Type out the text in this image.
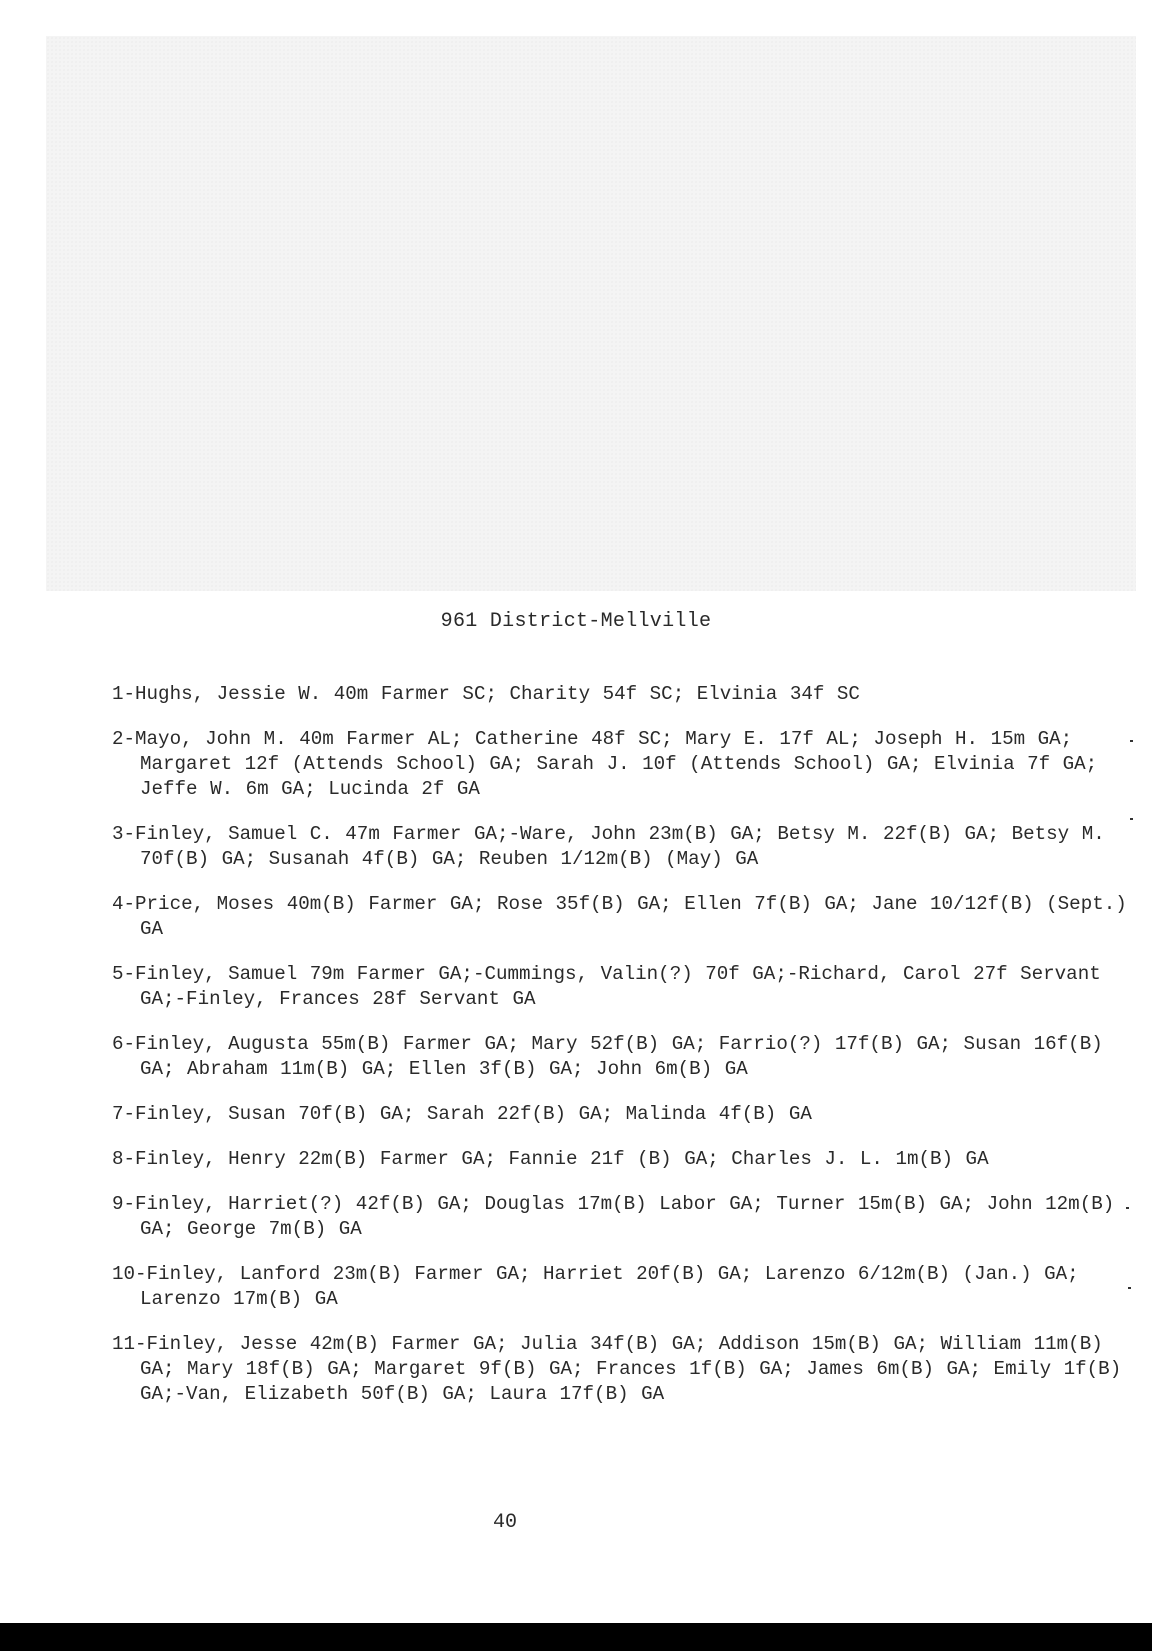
961 District-Mellville
1-Hughs, Jessie W. 40m Farmer SC; Charity 54f SC; Elvinia 34f SC
2-Mayo, John M. 40m Farmer AL; Catherine 48f SC; Mary E. 17f AL; Joseph H. 15m GA; Margaret 12f (Attends School) GA; Sarah J. 10f (Attends School) GA; Elvinia 7f GA; Jeffe W. 6m GA; Lucinda 2f GA
3-Finley, Samuel C. 47m Farmer GA;-Ware, John 23m(B) GA; Betsy M. 22f(B) GA; Betsy M. 70f(B) GA; Susanah 4f(B) GA; Reuben 1/12m(B) (May) GA
4-Price, Moses 40m(B) Farmer GA; Rose 35f(B) GA; Ellen 7f(B) GA; Jane 10/12f(B) (Sept.) GA
5-Finley, Samuel 79m Farmer GA;-Cummings, Valin(?) 70f GA;-Richard, Carol 27f Servant GA;-Finley, Frances 28f Servant GA
6-Finley, Augusta 55m(B) Farmer GA; Mary 52f(B) GA; Farrio(?) 17f(B) GA; Susan 16f(B) GA; Abraham 11m(B) GA; Ellen 3f(B) GA; John 6m(B) GA
7-Finley, Susan 70f(B) GA; Sarah 22f(B) GA; Malinda 4f(B) GA
8-Finley, Henry 22m(B) Farmer GA; Fannie 21f (B) GA; Charles J. L. 1m(B) GA
9-Finley, Harriet(?) 42f(B) GA; Douglas 17m(B) Labor GA; Turner 15m(B) GA; John 12m(B) GA; George 7m(B) GA
10-Finley, Lanford 23m(B) Farmer GA; Harriet 20f(B) GA; Larenzo 6/12m(B) (Jan.) GA; Larenzo 17m(B) GA
11-Finley, Jesse 42m(B) Farmer GA; Julia 34f(B) GA; Addison 15m(B) GA; William 11m(B) GA; Mary 18f(B) GA; Margaret 9f(B) GA; Frances 1f(B) GA; James 6m(B) GA; Emily 1f(B) GA;-Van, Elizabeth 50f(B) GA; Laura 17f(B) GA
40
